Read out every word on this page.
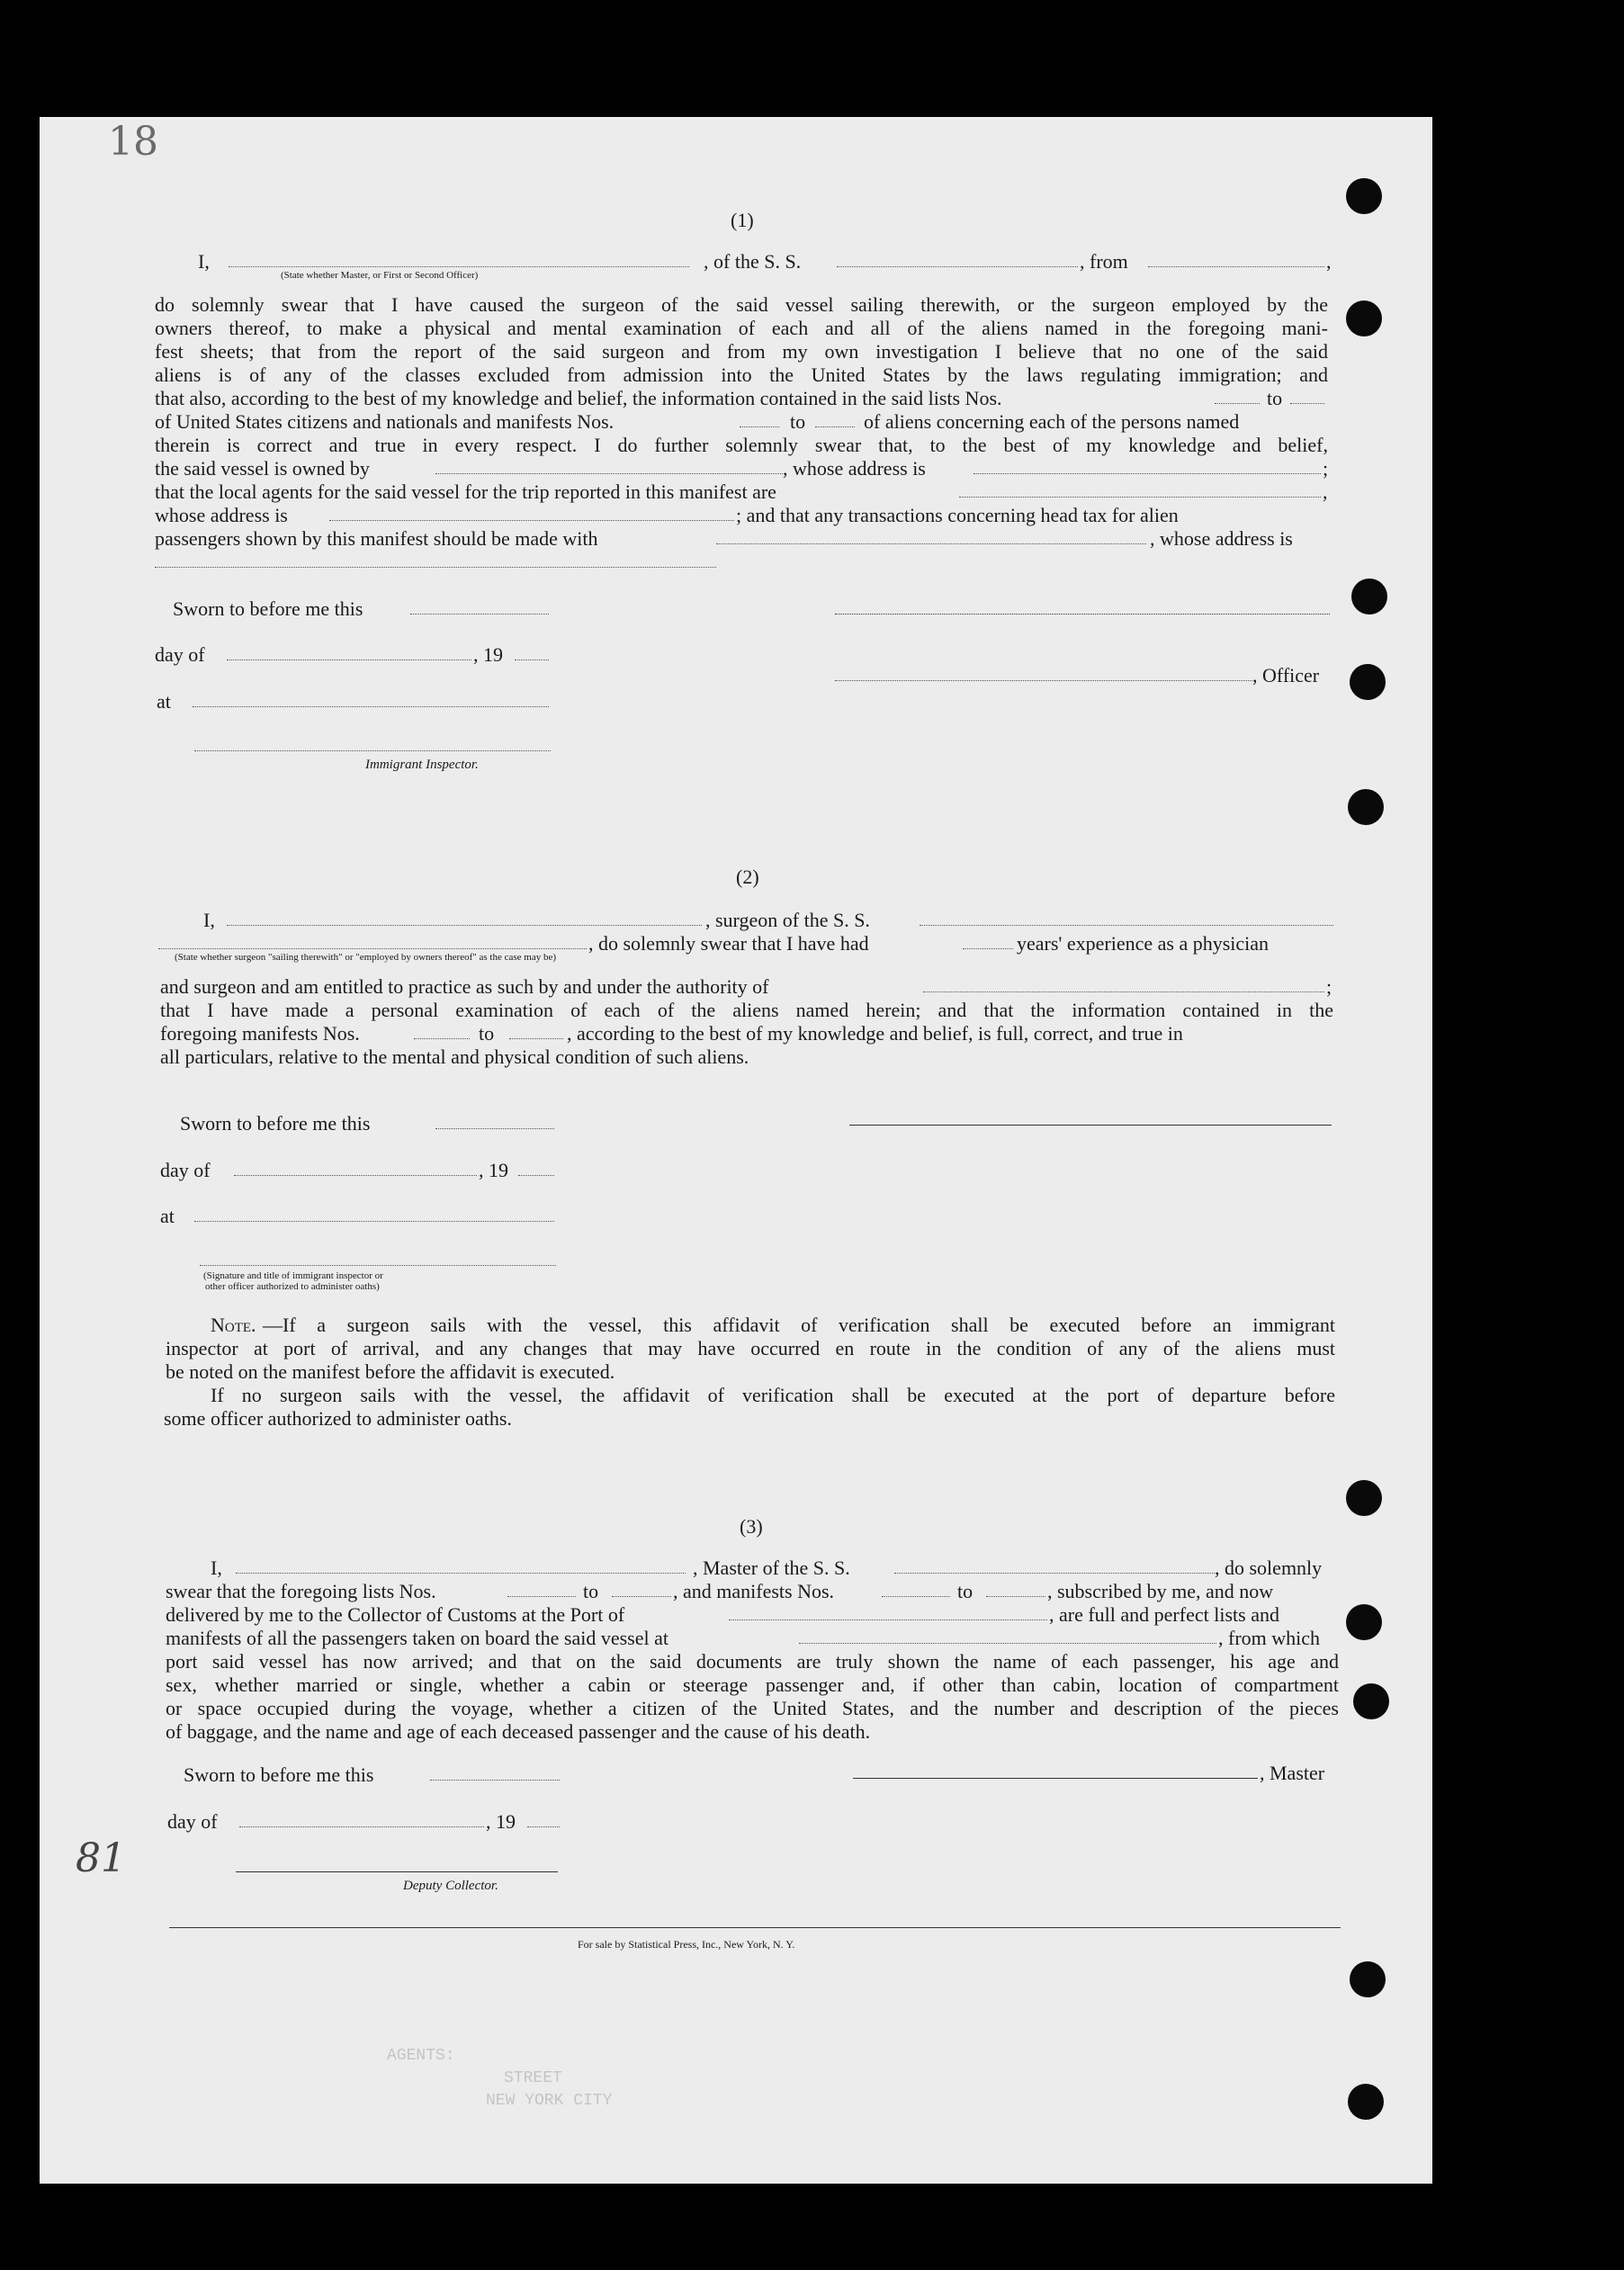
AGENTS:
STREET
NEW YORK CITY
18
81
(1)
I,
(State whether Master, or First or Second Officer)
, of the S. S.	, from	,
do solemnly swear that I have caused the surgeon of the said vessel sailing therewith, or the surgeon employed by the
owners thereof, to make a physical and mental examination of each and all of the aliens named in the foregoing mani-
fest sheets; that from the report of the said surgeon and from my own investigation I believe that no one of the said
aliens is of any of the classes excluded from admission into the United States by the laws regulating immigration; and
that also, according to the best of my knowledge and belief, the information contained in the said lists Nos.	to
of United States citizens and nationals and manifests Nos.	to	of aliens concerning each of the persons named
therein is correct and true in every respect. I do further solemnly swear that, to the best of my knowledge and belief,
the said vessel is owned by	, whose address is	;
that the local agents for the said vessel for the trip reported in this manifest are	,
whose address is	; and that any transactions concerning head tax for alien
passengers shown by this manifest should be made with	, whose address is
Sworn to before me this
day of	, 19
, Officer
at
Immigrant Inspector.
(2)
I,	, surgeon of the S. S.
(State whether surgeon "sailing therewith" or "employed by owners thereof" as the case may be)
, do solemnly swear that I have had	years' experience as a physician
and surgeon and am entitled to practice as such by and under the authority of	;
that I have made a personal examination of each of the aliens named herein; and that the information contained in the
foregoing manifests Nos.	to	, according to the best of my knowledge and belief, is full, correct, and true in
all particulars, relative to the mental and physical condition of such aliens.
Sworn to before me this
day of	, 19
at
(Signature and title of immigrant inspector or
other officer authorized to administer oaths)
Note. —If a surgeon sails with the vessel, this affidavit of verification shall be executed before an immigrant
inspector at port of arrival, and any changes that may have occurred en route in the condition of any of the aliens must
be noted on the manifest before the affidavit is executed.
If no surgeon sails with the vessel, the affidavit of verification shall be executed at the port of departure before
some officer authorized to administer oaths.
(3)
I,	, Master of the S. S.	, do solemnly
swear that the foregoing lists Nos.	to	, and manifests Nos.	to	, subscribed by me, and now
delivered by me to the Collector of Customs at the Port of	, are full and perfect lists and
manifests of all the passengers taken on board the said vessel at	, from which
port said vessel has now arrived; and that on the said documents are truly shown the name of each passenger, his age and
sex, whether married or single, whether a cabin or steerage passenger and, if other than cabin, location of compartment
or space occupied during the voyage, whether a citizen of the United States, and the number and description of the pieces
of baggage, and the name and age of each deceased passenger and the cause of his death.
Sworn to before me this	, Master
day of	, 19
Deputy Collector.
For sale by Statistical Press, Inc., New York, N. Y.
